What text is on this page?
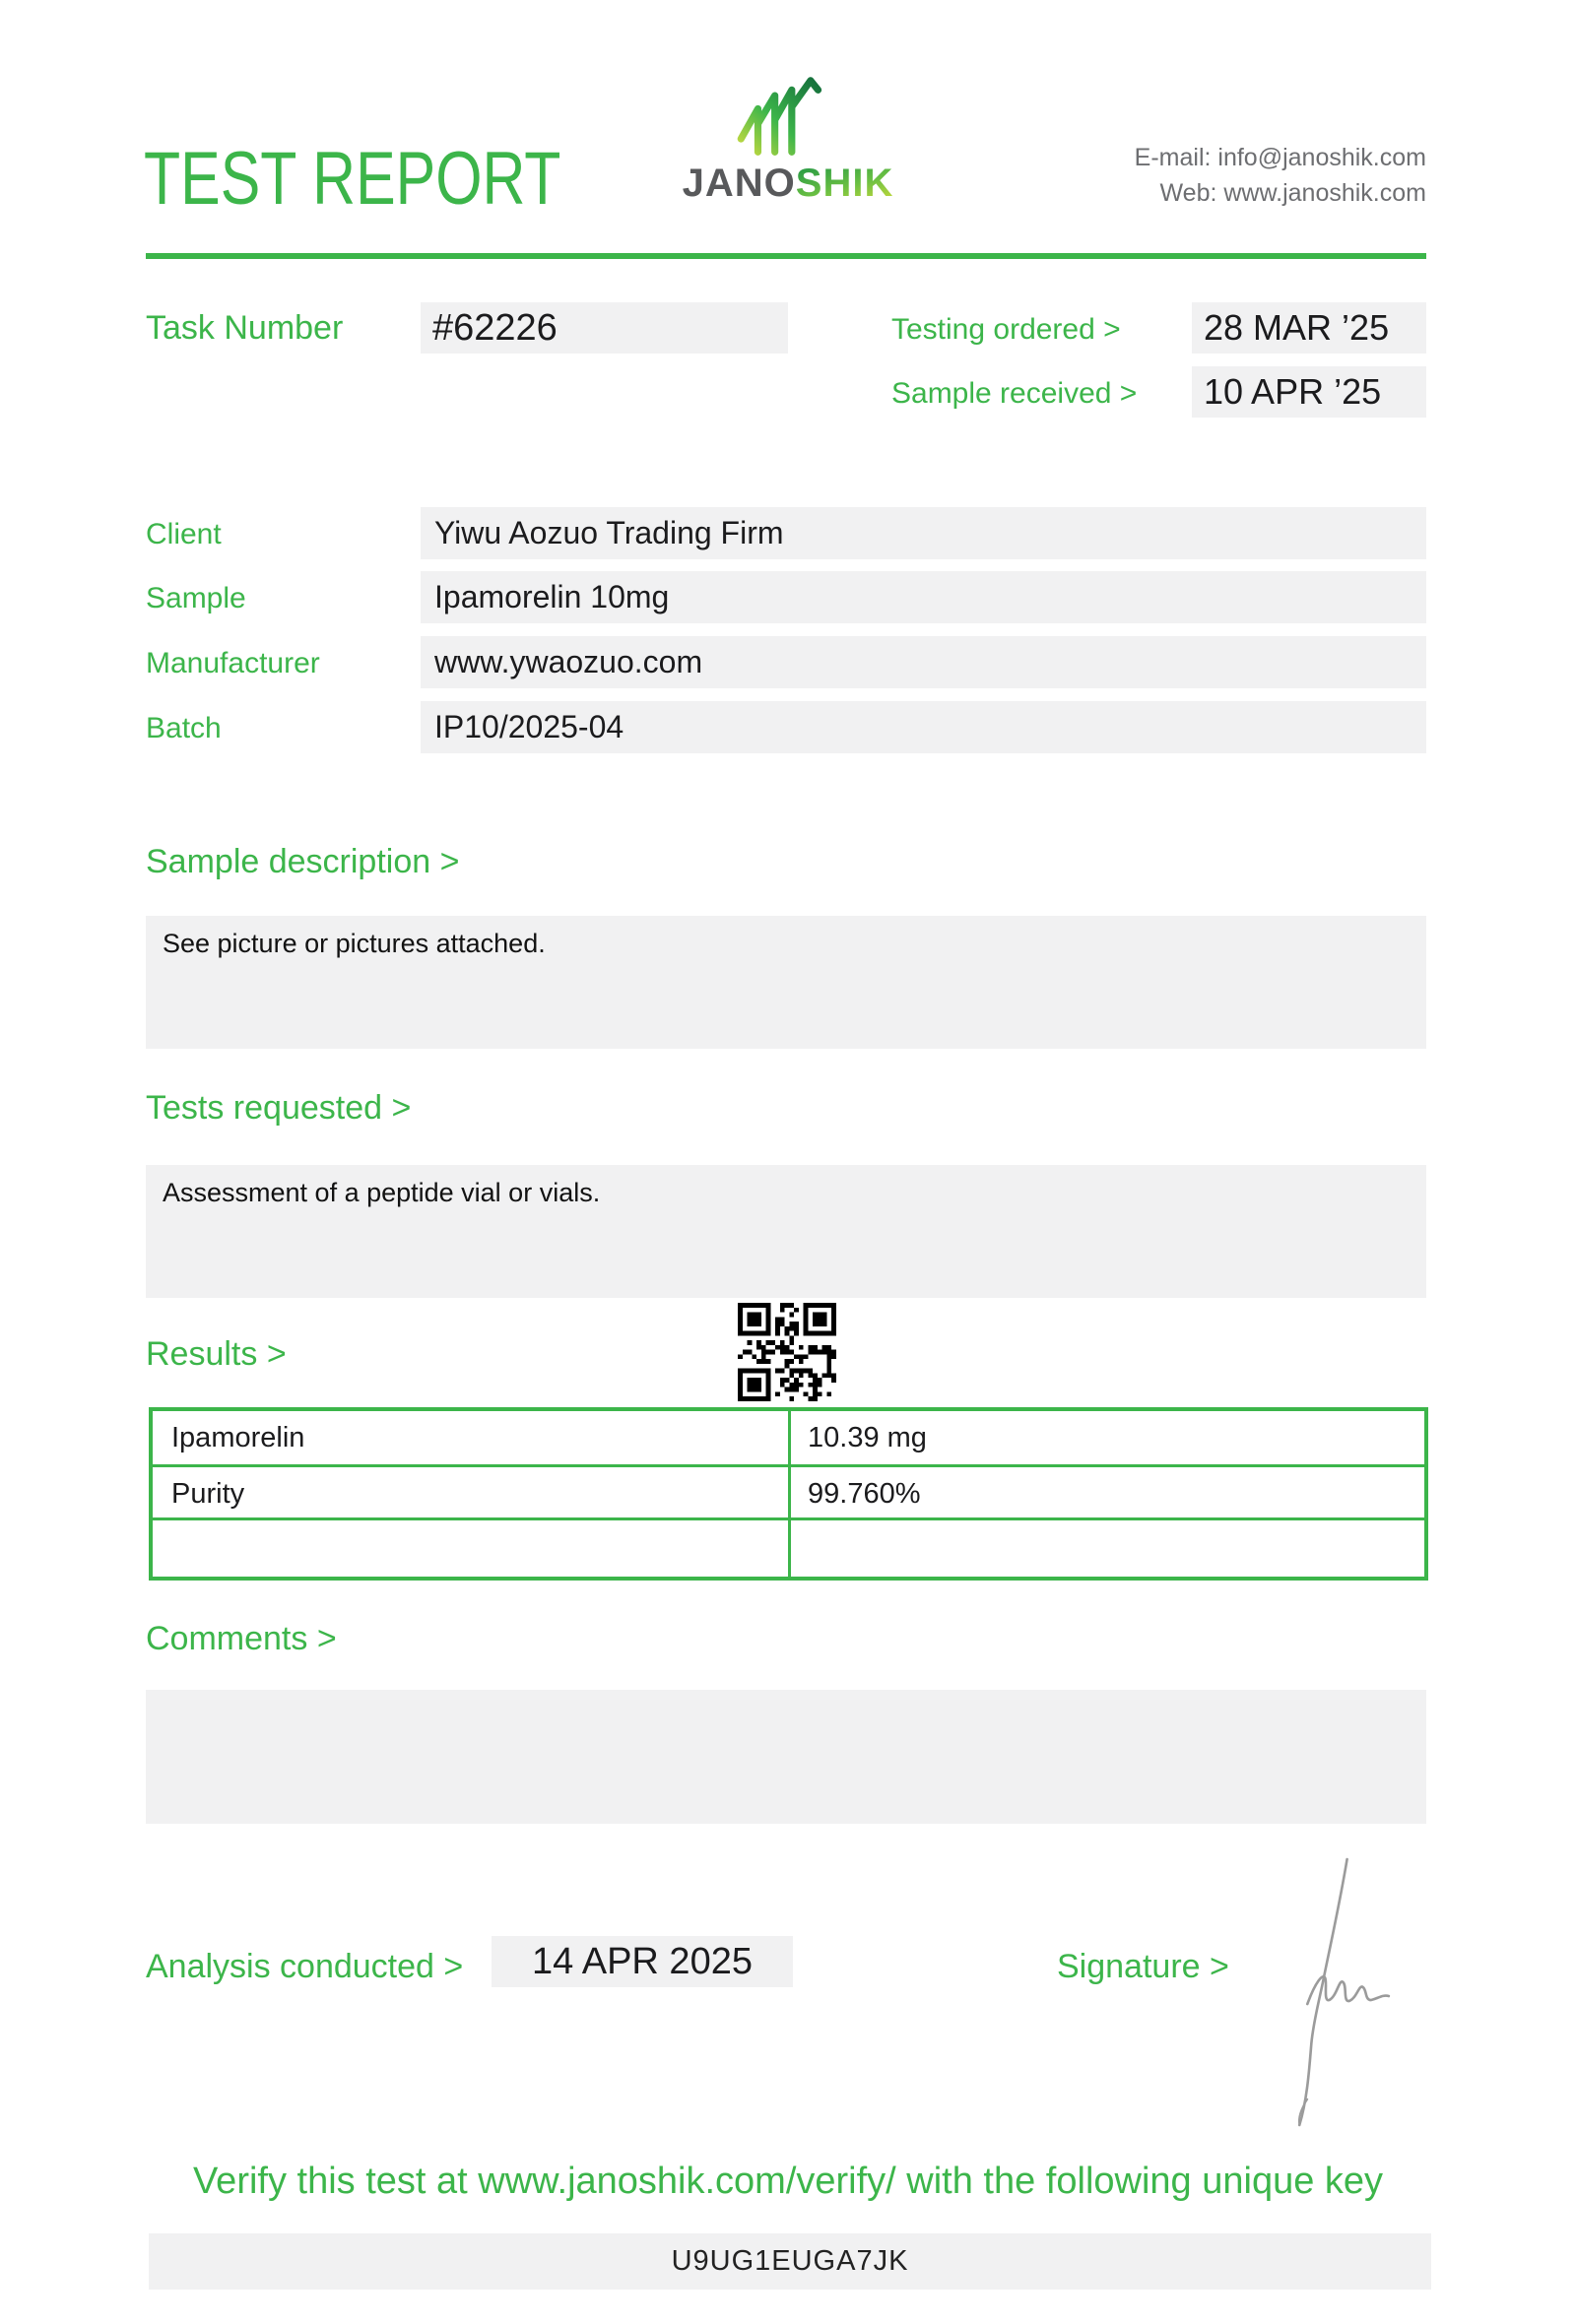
TEST REPORT	JANOSHIK
E-mail: info@janoshik.com
Web: www.janoshik.com
Task Number	#62226	Testing ordered >	28 MAR ’25
Sample received >	10 APR ’25
Client	Yiwu Aozuo Trading Firm
Sample	Ipamorelin 10mg
Manufacturer	www.ywaozuo.com
Batch	IP10/2025-04
Sample description >
See picture or pictures attached.
Tests requested >
Assessment of a peptide vial or vials.
Results >
Ipamorelin	10.39 mg
Purity	99.760%
Comments >
Analysis conducted >	14 APR 2025	Signature >
Verify this test at www.janoshik.com/verify/ with the following unique key
U9UG1EUGA7JK
